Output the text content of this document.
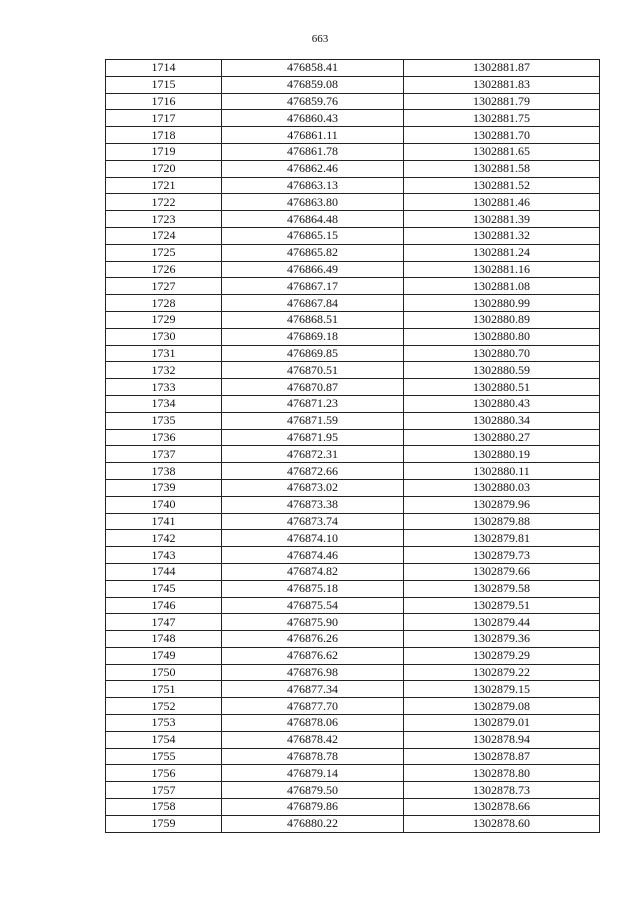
663
1714	476858.41	1302881.87
1715	476859.08	1302881.83
1716	476859.76	1302881.79
1717	476860.43	1302881.75
1718	476861.11	1302881.70
1719	476861.78	1302881.65
1720	476862.46	1302881.58
1721	476863.13	1302881.52
1722	476863.80	1302881.46
1723	476864.48	1302881.39
1724	476865.15	1302881.32
1725	476865.82	1302881.24
1726	476866.49	1302881.16
1727	476867.17	1302881.08
1728	476867.84	1302880.99
1729	476868.51	1302880.89
1730	476869.18	1302880.80
1731	476869.85	1302880.70
1732	476870.51	1302880.59
1733	476870.87	1302880.51
1734	476871.23	1302880.43
1735	476871.59	1302880.34
1736	476871.95	1302880.27
1737	476872.31	1302880.19
1738	476872.66	1302880.11
1739	476873.02	1302880.03
1740	476873.38	1302879.96
1741	476873.74	1302879.88
1742	476874.10	1302879.81
1743	476874.46	1302879.73
1744	476874.82	1302879.66
1745	476875.18	1302879.58
1746	476875.54	1302879.51
1747	476875.90	1302879.44
1748	476876.26	1302879.36
1749	476876.62	1302879.29
1750	476876.98	1302879.22
1751	476877.34	1302879.15
1752	476877.70	1302879.08
1753	476878.06	1302879.01
1754	476878.42	1302878.94
1755	476878.78	1302878.87
1756	476879.14	1302878.80
1757	476879.50	1302878.73
1758	476879.86	1302878.66
1759	476880.22	1302878.60
